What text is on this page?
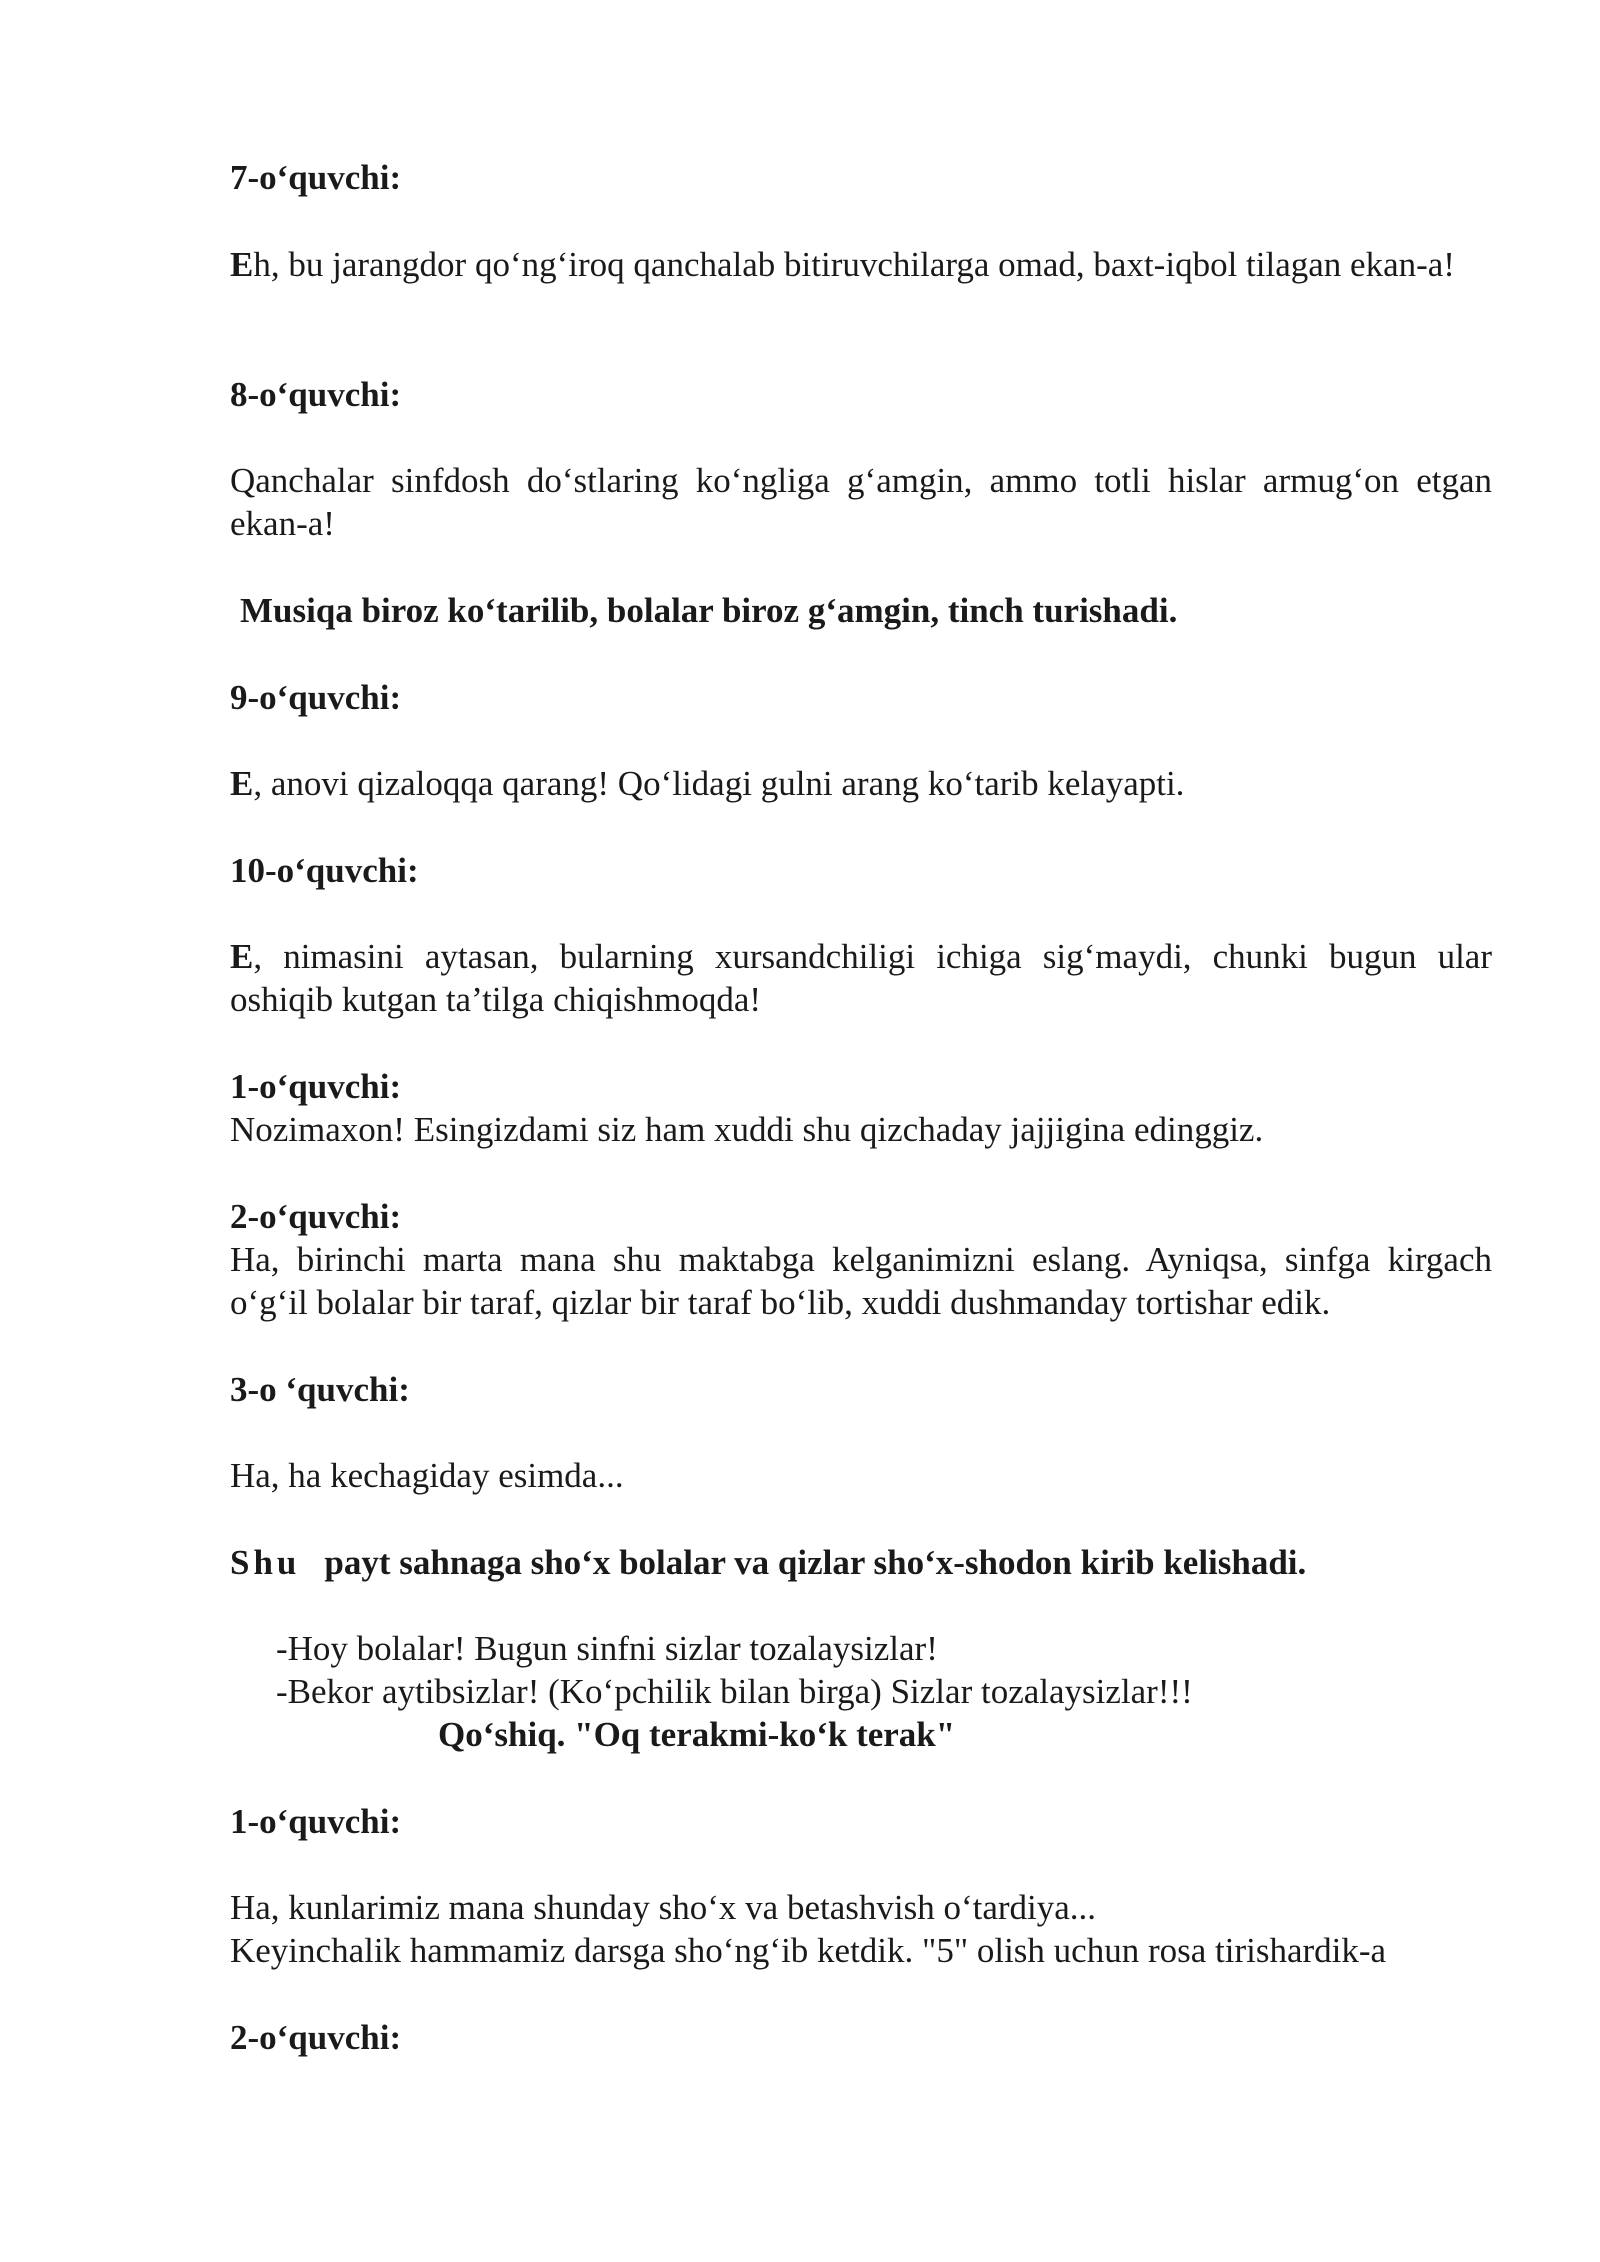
7-o‘quvchi:

Eh, bu jarangdor qo‘ng‘iroq qanchalab bitiruvchilarga omad, baxt-iqbol tilagan ekan-a!

8-o‘quvchi:

Qanchalar sinfdosh do‘stlaring ko‘ngliga g‘amgin, ammo totli hislar armug‘on etgan ekan-a!

Musiqa biroz ko‘tarilib, bolalar biroz g‘amgin, tinch turishadi.

9-o‘quvchi:

E, anovi qizaloqqa qarang! Qo‘lidagi gulni arang ko‘tarib kelayapti.

10-o‘quvchi:

E, nimasini aytasan, bularning xursandchiligi ichiga sig‘maydi, chunki bugun ular oshiqib kutgan ta’tilga chiqishmoqda!

1-o‘quvchi:
Nozimaxon! Esingizdami siz ham xuddi shu qizchaday jajjigina edinggiz.
2-o‘quvchi:
Ha, birinchi marta mana shu maktabga kelganimizni eslang. Ayniqsa, sinfga kirgach o‘g‘il bolalar bir taraf, qizlar bir taraf bo‘lib, xuddi dushmanday tortishar edik.

3-o ‘quvchi:

Ha, ha kechagiday esimda...

Shu payt sahnaga sho‘x bolalar va qizlar sho‘x-shodon kirib kelishadi.

-Hoy bolalar! Bugun sinfni sizlar tozalaysizlar!
-Bekor aytibsizlar! (Ko‘pchilik bilan birga) Sizlar tozalaysizlar!!!
Qo‘shiq. "Oq terakmi-ko‘k terak"

1-o‘quvchi:

Ha, kunlarimiz mana shunday sho‘x va betashvish o‘tardiya...
Keyinchalik hammamiz darsga sho‘ng‘ib ketdik. "5" olish uchun rosa tirishardik-a

2-o‘quvchi:
